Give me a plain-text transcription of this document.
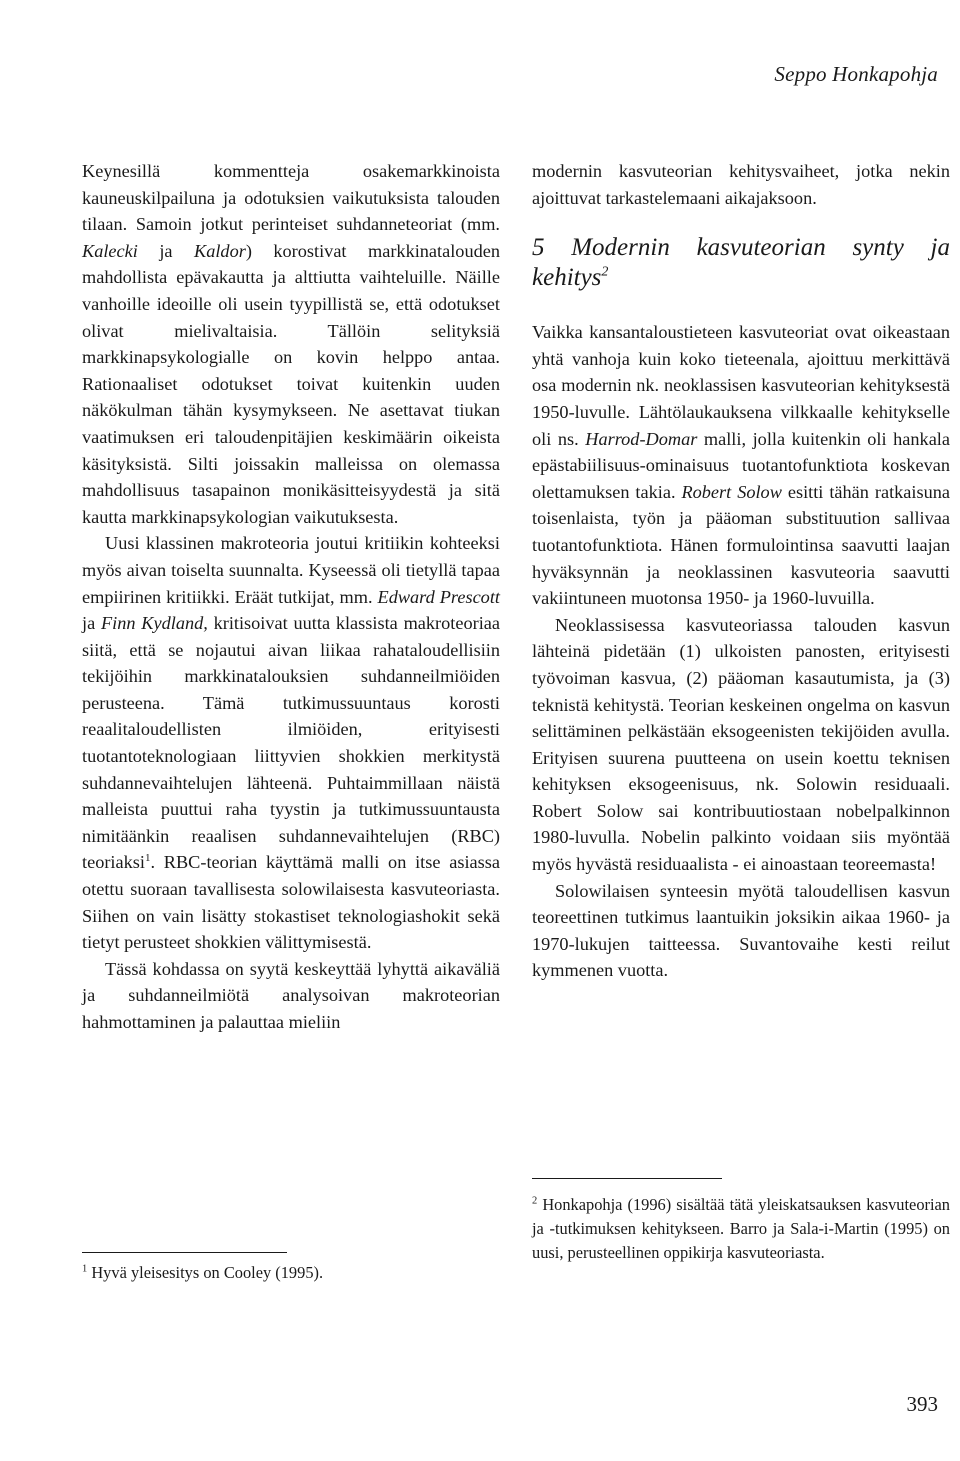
Seppo Honkapohja

Keynesillä kommentteja osakemarkkinoista kauneuskilpailuna ja odotuksien vaikutuksista talouden tilaan. Samoin jotkut perinteiset suhdanneteoriat (mm. Kalecki ja Kaldor) korostivat markkinatalouden mahdollista epävakautta ja alttiutta vaihteluille. Näille vanhoille ideoille oli usein tyypillistä se, että odotukset olivat mielivaltaisia. Tällöin selityksiä markkinapsykologialle on kovin helppo antaa. Rationaaliset odotukset toivat kuitenkin uuden näkökulman tähän kysymykseen. Ne asettavat tiukan vaatimuksen eri taloudenpitäjien keskimäärin oikeista käsityksistä. Silti joissakin malleissa on olemassa mahdollisuus tasapainon monikäsitteisyydestä ja sitä kautta markkinapsykologian vaikutuksesta.

Uusi klassinen makroteoria joutui kritiikin kohteeksi myös aivan toiselta suunnalta. Kyseessä oli tietyllä tapaa empiirinen kritiikki. Eräät tutkijat, mm. Edward Prescott ja Finn Kydland, kritisoivat uutta klassista makroteoriaa siitä, että se nojautui aivan liikaa rahataloudellisiin tekijöihin markkinatalouksien suhdanneilmiöiden perusteena. Tämä tutkimussuuntaus korosti reaalitaloudellisten ilmiöiden, erityisesti tuotantoteknologiaan liittyvien shokkien merkitystä suhdannevaihtelujen lähteenä. Puhtaimmillaan näistä malleista puuttui raha tyystin ja tutkimussuuntausta nimitäänkin reaalisen suhdannevaihtelujen (RBC) teoriaksi$^1$. RBC-teorian käyttämä malli on itse asiassa otettu suoraan tavallisesta solowilaisesta kasvuteoriasta. Siihen on vain lisätty stokastiset teknologiashokit sekä tietyt perusteet shokkien välittymisestä.

Tässä kohdassa on syytä keskeyttää lyhyttä aikaväliä ja suhdanneilmiötä analysoivan makroteorian hahmottaminen ja palauttaa mieliin

modernin kasvuteorian kehitysvaiheet, jotka nekin ajoittuvat tarkastelemaani aikajaksoon.

5 Modernin kasvuteorian synty ja kehitys$^2$

Vaikka kansantaloustieteen kasvuteoriat ovat oikeastaan yhtä vanhoja kuin koko tieteenala, ajoittuu merkittävä osa modernin nk. neoklassisen kasvuteorian kehityksestä 1950-luvulle. Lähtölaukauksena vilkkaalle kehitykselle oli ns. Harrod-Domar malli, jolla kuitenkin oli hankala epästabiilisuus-ominaisuus tuotantofunktiota koskevan olettamuksen takia. Robert Solow esitti tähän ratkaisuna toisenlaista, työn ja pääoman substituution sallivaa tuotantofunktiota. Hänen formulointinsa saavutti laajan hyväksynnän ja neoklassinen kasvuteoria saavutti vakiintuneen muotonsa 1950- ja 1960-luvuilla.

Neoklassisessa kasvuteoriassa talouden kasvun lähteinä pidetään (1) ulkoisten panosten, erityisesti työvoiman kasvua, (2) pääoman kasautumista, ja (3) teknistä kehitystä. Teorian keskeinen ongelma on kasvun selittäminen pelkästään eksogeenisten tekijöiden avulla. Erityisen suurena puutteena on usein koettu teknisen kehityksen eksogeenisuus, nk. Solowin residuaali. Robert Solow sai kontribuutiostaan nobelpalkinnon 1980-luvulla. Nobelin palkinto voidaan siis myöntää myös hyvästä residuaalista - ei ainoastaan teoreemasta!

Solowilaisen synteesin myötä taloudellisen kasvun teoreettinen tutkimus laantuikin joksikin aikaa 1960- ja 1970-lukujen taitteessa. Suvantovaihe kesti reilut kymmenen vuotta.

$^1$ Hyvä yleisesitys on Cooley (1995).
$^2$ Honkapohja (1996) sisältää tätä yleiskatsauksen kasvuteorian ja -tutkimuksen kehitykseen. Barro ja Sala-i-Martin (1995) on uusi, perusteellinen oppikirja kasvuteoriasta.
393
